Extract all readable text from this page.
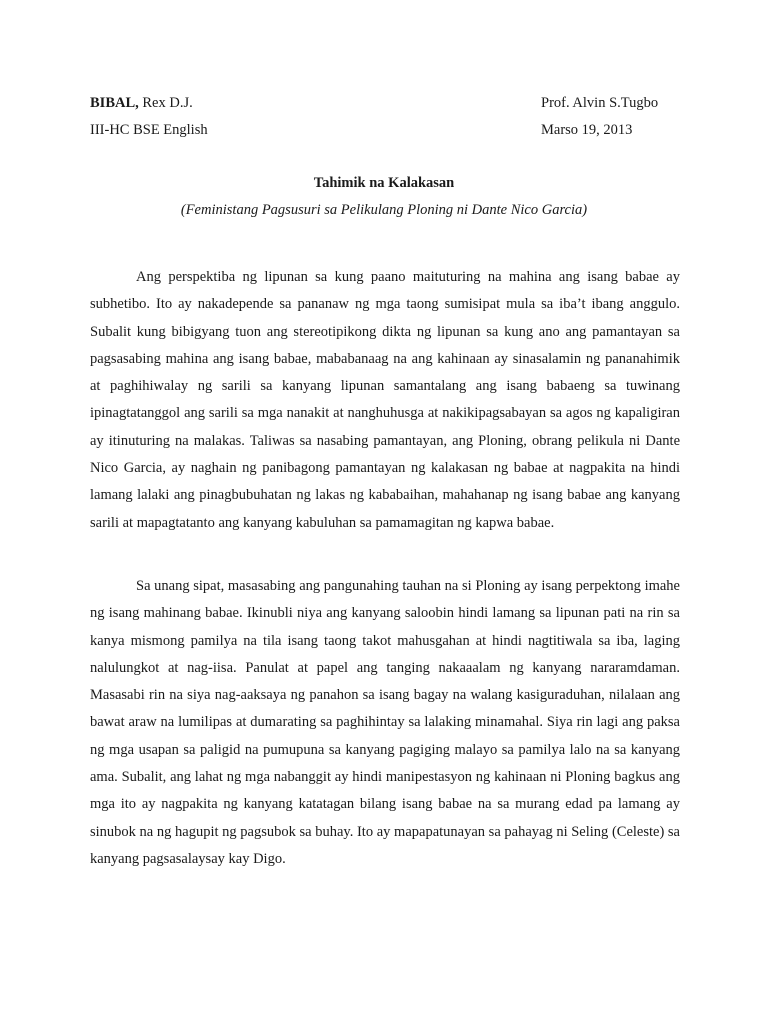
BIBAL, Rex D.J.	Prof. Alvin S.Tugbo
III-HC BSE English	Marso 19, 2013
Tahimik na Kalakasan
(Feministang Pagsusuri sa Pelikulang Ploning ni Dante Nico Garcia)

Ang perspektiba ng lipunan sa kung paano maituturing na mahina ang isang babae ay subhetibo. Ito ay nakadepende sa pananaw ng mga taong sumisipat mula sa iba’t ibang anggulo. Subalit kung bibigyang tuon ang stereotipikong dikta ng lipunan sa kung ano ang pamantayan sa pagsasabing mahina ang isang babae, mababanaag na ang kahinaan ay sinasalamin ng pananahimik at paghihiwalay ng sarili sa kanyang lipunan samantalang ang isang babaeng sa tuwinang ipinagtatanggol ang sarili sa mga nanakit at nanghuhusga at nakikipagsabayan sa agos ng kapaligiran ay itinuturing na malakas. Taliwas sa nasabing pamantayan, ang Ploning, obrang pelikula ni Dante Nico Garcia, ay naghain ng panibagong pamantayan ng kalakasan ng babae at nagpakita na hindi lamang lalaki ang pinagbubuhatan ng lakas ng kababaihan, mahahanap ng isang babae ang kanyang sarili at mapagtatanto ang kanyang kabuluhan sa pamamagitan ng kapwa babae.

Sa unang sipat, masasabing ang pangunahing tauhan na si Ploning ay isang perpektong imahe ng isang mahinang babae. Ikinubli niya ang kanyang saloobin hindi lamang sa lipunan pati na rin sa kanya mismong pamilya na tila isang taong takot mahusgahan at hindi nagtitiwala sa iba, laging nalulungkot at nag-iisa. Panulat at papel ang tanging nakaaalam ng kanyang nararamdaman. Masasabi rin na siya nag-aaksaya ng panahon sa isang bagay na walang kasiguraduhan, nilalaan ang bawat araw na lumilipas at dumarating sa paghihintay sa lalaking minamahal. Siya rin lagi ang paksa ng mga usapan sa paligid na pumupuna sa kanyang pagiging malayo sa pamilya lalo na sa kanyang ama. Subalit, ang lahat ng mga nabanggit ay hindi manipestasyon ng kahinaan ni Ploning bagkus ang mga ito ay nagpakita ng kanyang katatagan bilang isang babae na sa murang edad pa lamang ay sinubok na ng hagupit ng pagsubok sa buhay. Ito ay mapapatunayan sa pahayag ni Seling (Celeste) sa kanyang pagsasalaysay kay Digo.
